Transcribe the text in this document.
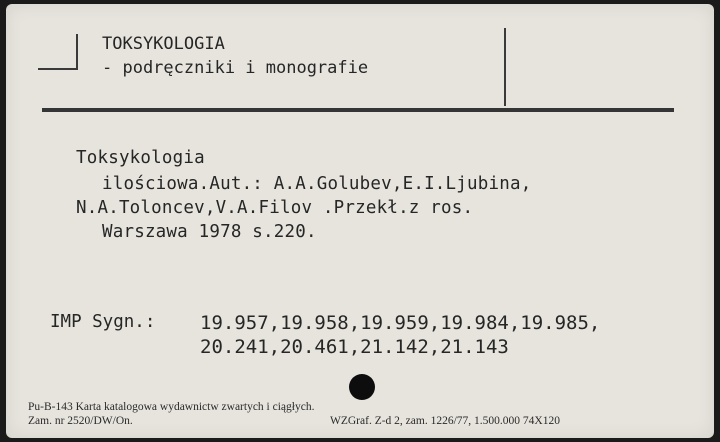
TOKSYKOLOGIA
- podręczniki i monografie
Toksykologia
ilościowa.Aut.: A.A.Golubev,E.I.Ljubina,
N.A.Toloncev,V.A.Filov .Przekł.z ros.
Warszawa 1978 s.220.
IMP Sygn.: 19.957,19.958,19.959,19.984,19.985,
20.241,20.461,21.142,21.143
Pu-B-143 Karta katalogowa wydawnictw zwartych i ciągłych.
Zam. nr 2520/DW/On.	WZGraf. Z-d 2, zam. 1226/77, 1.500.000 74X120
